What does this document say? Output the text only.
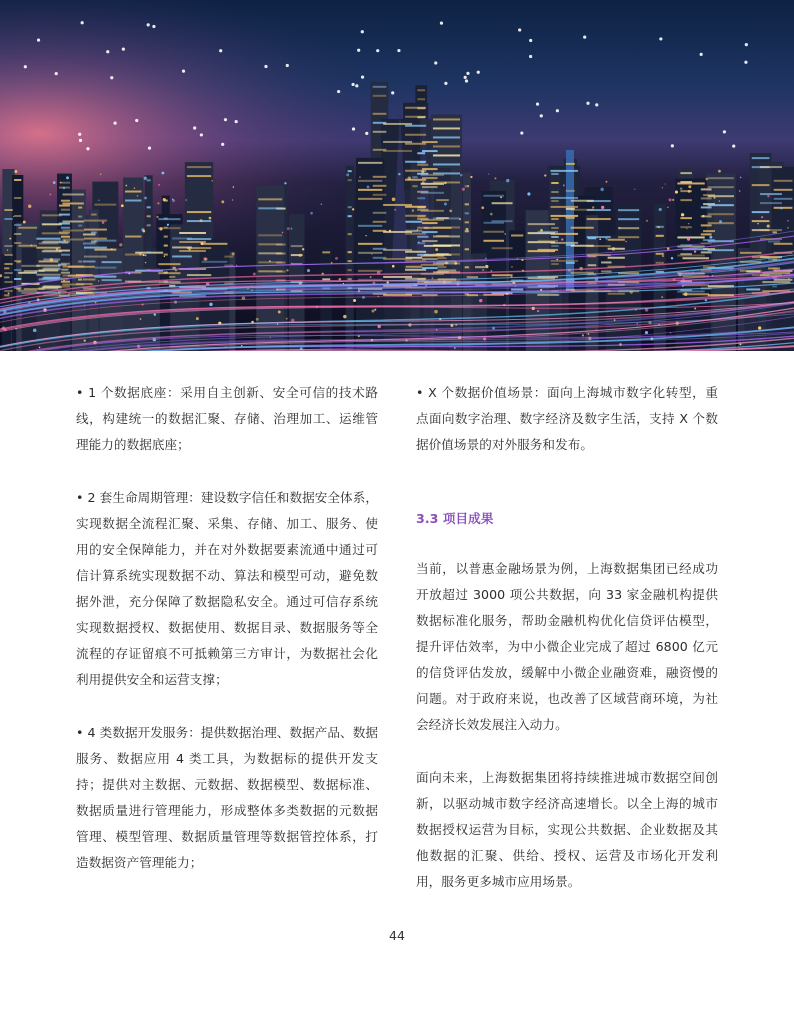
• 1 个数据底座：采用自主创新、安全可信的技术路线，构建统一的数据汇聚、存储、治理加工、运维管理能力的数据底座；

• 2 套生命周期管理：建设数字信任和数据安全体系，实现数据全流程汇聚、采集、存储、加工、服务、使用的安全保障能力，并在对外数据要素流通中通过可信计算系统实现数据不动、算法和模型可动，避免数据外泄，充分保障了数据隐私安全。通过可信存系统实现数据授权、数据使用、数据目录、数据服务等全流程的存证留痕不可抵赖第三方审计，为数据社会化利用提供安全和运营支撑；

• 4 类数据开发服务：提供数据治理、数据产品、数据服务、数据应用 4 类工具，为数据标的提供开发支持；提供对主数据、元数据、数据模型、数据标准、数据质量进行管理能力，形成整体多类数据的元数据管理、模型管理、数据质量管理等数据管控体系，打造数据资产管理能力；

• X 个数据价值场景：面向上海城市数字化转型，重点面向数字治理、数字经济及数字生活，支持 X 个数据价值场景的对外服务和发布。

3.3 项目成果

当前，以普惠金融场景为例，上海数据集团已经成功开放超过 3000 项公共数据，向 33 家金融机构提供数据标准化服务，帮助金融机构优化信贷评估模型，提升评估效率，为中小微企业完成了超过 6800 亿元的信贷评估发放，缓解中小微企业融资难，融资慢的问题。对于政府来说，也改善了区域营商环境，为社会经济长效发展注入动力。

面向未来，上海数据集团将持续推进城市数据空间创新，以驱动城市数字经济高速增长。以全上海的城市数据授权运营为目标，实现公共数据、企业数据及其他数据的汇聚、供给、授权、运营及市场化开发利用，服务更多城市应用场景。

44
